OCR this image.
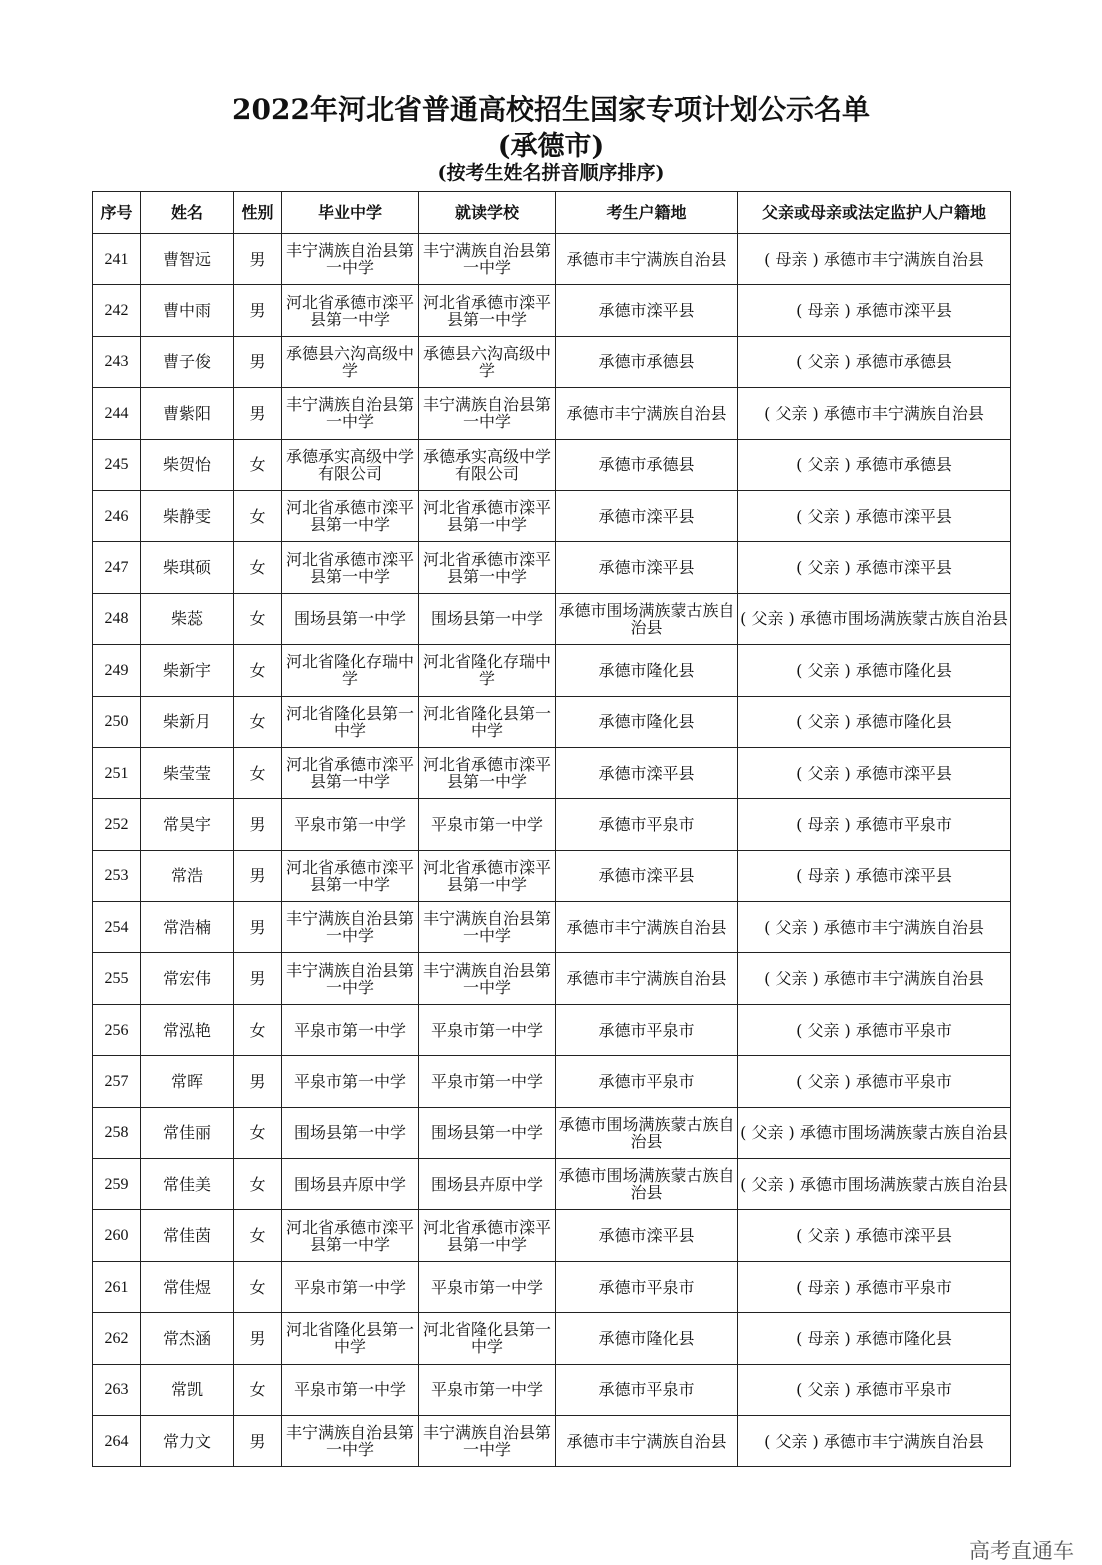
2022年河北省普通高校招生国家专项计划公示名单
(承德市)
(按考生姓名拼音顺序排序)
序号	姓名	性别	毕业中学	就读学校	考生户籍地	父亲或母亲或法定监护人户籍地
241	曹智远	男	丰宁满族自治县第一中学	丰宁满族自治县第一中学	承德市丰宁满族自治县	( 母亲 ) 承德市丰宁满族自治县
242	曹中雨	男	河北省承德市滦平县第一中学	河北省承德市滦平县第一中学	承德市滦平县	( 母亲 ) 承德市滦平县
243	曹子俊	男	承德县六沟高级中学	承德县六沟高级中学	承德市承德县	( 父亲 ) 承德市承德县
244	曹紫阳	男	丰宁满族自治县第一中学	丰宁满族自治县第一中学	承德市丰宁满族自治县	( 父亲 ) 承德市丰宁满族自治县
245	柴贺怡	女	承德承实高级中学有限公司	承德承实高级中学有限公司	承德市承德县	( 父亲 ) 承德市承德县
246	柴静雯	女	河北省承德市滦平县第一中学	河北省承德市滦平县第一中学	承德市滦平县	( 父亲 ) 承德市滦平县
247	柴琪硕	女	河北省承德市滦平县第一中学	河北省承德市滦平县第一中学	承德市滦平县	( 父亲 ) 承德市滦平县
248	柴蕊	女	围场县第一中学	围场县第一中学	承德市围场满族蒙古族自治县	( 父亲 ) 承德市围场满族蒙古族自治县
249	柴新宇	女	河北省隆化存瑞中学	河北省隆化存瑞中学	承德市隆化县	( 父亲 ) 承德市隆化县
250	柴新月	女	河北省隆化县第一中学	河北省隆化县第一中学	承德市隆化县	( 父亲 ) 承德市隆化县
251	柴莹莹	女	河北省承德市滦平县第一中学	河北省承德市滦平县第一中学	承德市滦平县	( 父亲 ) 承德市滦平县
252	常昊宇	男	平泉市第一中学	平泉市第一中学	承德市平泉市	( 母亲 ) 承德市平泉市
253	常浩	男	河北省承德市滦平县第一中学	河北省承德市滦平县第一中学	承德市滦平县	( 母亲 ) 承德市滦平县
254	常浩楠	男	丰宁满族自治县第一中学	丰宁满族自治县第一中学	承德市丰宁满族自治县	( 父亲 ) 承德市丰宁满族自治县
255	常宏伟	男	丰宁满族自治县第一中学	丰宁满族自治县第一中学	承德市丰宁满族自治县	( 父亲 ) 承德市丰宁满族自治县
256	常泓艳	女	平泉市第一中学	平泉市第一中学	承德市平泉市	( 父亲 ) 承德市平泉市
257	常晖	男	平泉市第一中学	平泉市第一中学	承德市平泉市	( 父亲 ) 承德市平泉市
258	常佳丽	女	围场县第一中学	围场县第一中学	承德市围场满族蒙古族自治县	( 父亲 ) 承德市围场满族蒙古族自治县
259	常佳美	女	围场县卉原中学	围场县卉原中学	承德市围场满族蒙古族自治县	( 父亲 ) 承德市围场满族蒙古族自治县
260	常佳茵	女	河北省承德市滦平县第一中学	河北省承德市滦平县第一中学	承德市滦平县	( 父亲 ) 承德市滦平县
261	常佳煜	女	平泉市第一中学	平泉市第一中学	承德市平泉市	( 母亲 ) 承德市平泉市
262	常杰涵	男	河北省隆化县第一中学	河北省隆化县第一中学	承德市隆化县	( 母亲 ) 承德市隆化县
263	常凯	女	平泉市第一中学	平泉市第一中学	承德市平泉市	( 父亲 ) 承德市平泉市
264	常力文	男	丰宁满族自治县第一中学	丰宁满族自治县第一中学	承德市丰宁满族自治县	( 父亲 ) 承德市丰宁满族自治县
高考直通车
